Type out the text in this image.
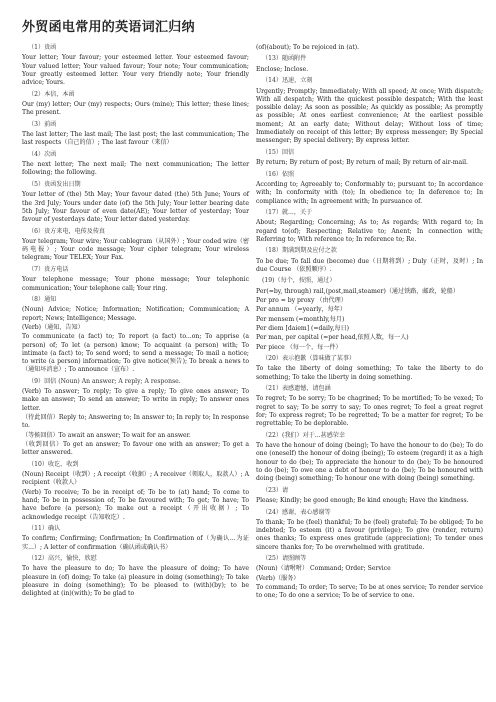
外贸函电常用的英语词汇归纳
（1）贵函
Your letter; Your favour; your esteemed letter. Your esteemed favour; Your valued letter; Your valued favour; Your note; Your communication; Your greatly esteemed letter. Your very friendly note; Your friendly advice; Yours.
（2）本信，本函
Our (my) letter; Our (my) respects; Ours (mine); This letter; these lines; The present.
（3）前函
The last letter; The last mail; The last post; the last communication; The last respects（自己的信）; The last favour（来信）
（4）次函
The next letter; The next mail; The next communication; The letter following; the following.
（5）贵函发出日期
Your letter of (the) 5th May; Your favour dated (the) 5th June; Yours of the 3rd July; Yours under date (of) the 5th July; Your letter bearing date 5th July; Your favour of even date(AE); Your letter of yesterday; Your favour of yesterdays date; Your letter dated yesterday.
（6）贵方来电，电传及传真
Your telegram; Your wire; Your cablegram（从国外）; Your coded wire（密码电报）; Your code message; Your cipher telegram; Your wireless telegram; Your TELEX; Your Fax.
（7）贵方电话
Your telephone message; Your phone message; Your telephonic communication; Your telephone call; Your ring.
（8）通知
(Noun) Advice; Notice; Information; Notification; Communication; A report; News; Intelligence; Message.
(Verb)（通知，告知）
To communicate (a fact) to; To report (a fact) to...on; To apprise (a person) of; To let (a person) know; To acquaint (a person) with; To intimate (a fact) to; To send word; to send a message; To mail a notice; to write (a person) information; To give notice(预告); To break a news to（通知坏消息）; To announce（宣布）.
（9）回信 (Noun) An answer; A reply; A response.
(Verb) To answer; To reply; To give a reply; To give ones answer; To make an answer; To send an answer; To write in reply; To answer ones letter.
（待此回信）Reply to; Answering to; In answer to; In reply to; In response to.
（等候回信）To await an answer; To wait for an answer.
（收到回信）To get an answer; To favour one with an answer; To get a letter answered.
（10）收讫，收到
(Noun) Receipt（收到）; A receipt（收据）; A receiver（领取人，取款人）; A recipient（收款人）
(Verb) To receive; To be in receipt of; To be to (at) hand; To come to hand; To be in possession of; To be favoured with; To get; To have; To have before (a person); To make out a receipt（开出收据）; To acknowledge receipt（告知收讫）.
（11）确认
To confirm; Confirming; Confirmation; In Confirmation of（为确认...为证实...）; A letter of confirmation（确认函或确认书）
（12）高兴，愉快，欣慰
To have the pleasure to do; To have the pleasure of doing; To have pleasure in (of) doing; To take (a) pleasure in doing (something); To take pleasure in doing (something); To be pleased to (with)(by); to be delighted at (in)(with); To be glad to
(of)(about); To be rejoiced in (at).
（13）随函附件
Enclose; Inclose.
（14）迅速，立刻
Urgently; Promptly; Immediately; With all speed; At once; With dispatch; With all despatch; With the quickest possible despatch; With the least possible delay; As soon as possible; As quickly as possible; As promptly as possible; At ones earliest convenience; At the earliest possible moment; At an early date; Without delay; Without loss of time; Immediately on receipt of this letter; By express messenger; By Special messenger; By special delivery; By express letter.
（15）回信
By return; By return of post; By return of mail; By return of air-mail.
（16）依照
According to; Agreeably to; Conformably to; pursuant to; In accordance with; In conformity with (to); In obedience to; In deference to; In compliance with; In agreement with; In pursuance of.
（17）就...，关于
About; Regarding; Concerning; As to; As regards; With regard to; In regard to(of); Respecting; Relative to; Anent; In connection with; Referring to; With reference to; In reference to; Re.
（18）期满到期及应付之款
To be due; To fall due (become) due（日期将到）; Duly（正时，及时）; In due Course （依照顺序）.
(19)（每个，按照，通过）
Per(=by, through) rail,(post,mail,steamer)（通过铁路，邮政，轮船）
Per pro = by proxy （由代理）
Per annum （=yearly，每年）
Per mensem (=monthly,每月)
Per diem [daiem] (=daily,每日)
Per man, per capital (=per head,依照人数，每一人)
Per piece （每一个，每一件）
（20）表示抱歉（算味做了某事）
To take the liberty of doing something; To take the liberty to do something; To take the liberty in doing something.
（21）表感遗憾，请包涵
To regret; To be sorry; To be chagrined; To be mortified; To be vexed; To regret to say; To be sorry to say; To ones regret; To feel a great regret for; To express regret; To be regretted; To be a matter for regret; To be regrettable; To be deplorable.
（22）(我们）对于...甚感荣幸
To have the honour of doing (being); To have the honour to do (be); To do one (oneself) the honour of doing (being); To esteem (regard) it as a high honour to do (be); To appreciate the honour to do (be); To be honoured to do (be); To owe one a debt of honour to do (be); To be honoured with doing (being) something; To honour one with doing (being) something.
（23）请
Please; Kindly; be good enough; Be kind enough; Have the kindness.
（24）感谢，表心感谢等
To thank; To be (feel) thankful; To be (feel) grateful; To be obliged; To be indebted; To esteem (it) a favour (privilege); To give (render, return) ones thanks; To express ones gratitude (appreciation); To tender ones sincere thanks for; To be overwhelmed with gratitude.
（25）请照顾等
(Noun)（请咐咐） Command; Order; Service
(Verb)（服务）
To command; To order; To serve; To be at ones service; To render service to one; To do one a service; To be of service to one.
